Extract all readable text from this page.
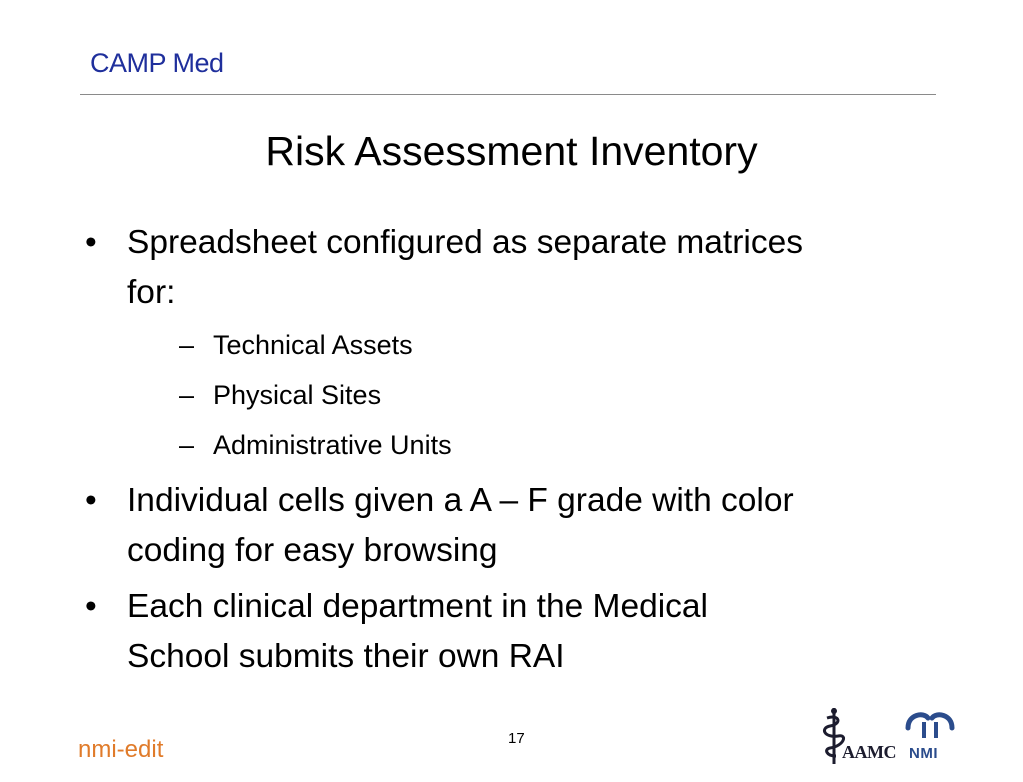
CAMP Med
Risk Assessment Inventory
• Spreadsheet configured as separate matrices
for:
– Technical Assets
– Physical Sites
– Administrative Units
• Individual cells given a A – F grade with color
coding for easy browsing
• Each clinical department in the Medical
School submits their own RAI
nmi-edit	17
AAMC NMI
